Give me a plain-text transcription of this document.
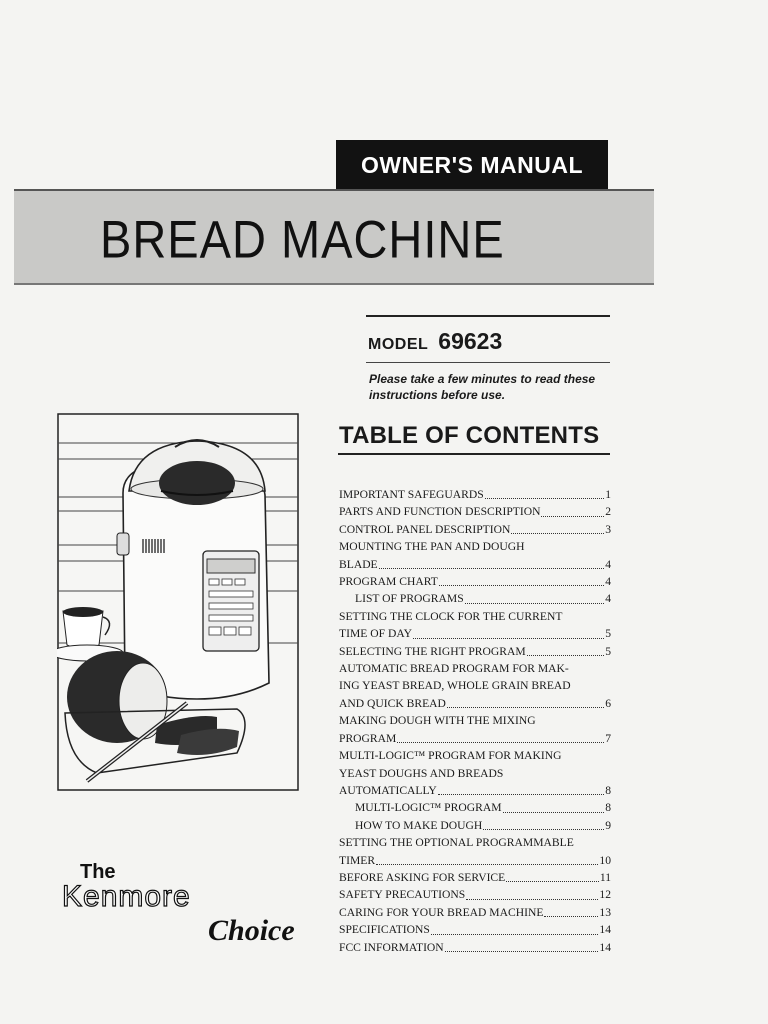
OWNER'S MANUAL
BREAD MACHINE
MODEL 69623
Please take a few minutes to read these instructions before use.
TABLE OF CONTENTS
IMPORTANT SAFEGUARDS	1
PARTS AND FUNCTION DESCRIPTION	2
CONTROL PANEL DESCRIPTION	3
MOUNTING THE PAN AND DOUGH
BLADE	4
PROGRAM CHART	4
LIST OF PROGRAMS	4
SETTING THE CLOCK FOR THE CURRENT
TIME OF DAY	5
SELECTING THE RIGHT PROGRAM	5
AUTOMATIC BREAD PROGRAM FOR MAK-
ING YEAST BREAD, WHOLE GRAIN BREAD
AND QUICK BREAD	6
MAKING DOUGH WITH THE MIXING
PROGRAM	7
MULTI-LOGIC™ PROGRAM FOR MAKING
YEAST DOUGHS AND BREADS
AUTOMATICALLY	8
MULTI-LOGIC™ PROGRAM	8
HOW TO MAKE DOUGH	9
SETTING THE OPTIONAL PROGRAMMABLE
TIMER	10
BEFORE ASKING FOR SERVICE	11
SAFETY PRECAUTIONS	12
CARING FOR YOUR BREAD MACHINE	13
SPECIFICATIONS	14
FCC INFORMATION	14
The
Kenmore
Choice
